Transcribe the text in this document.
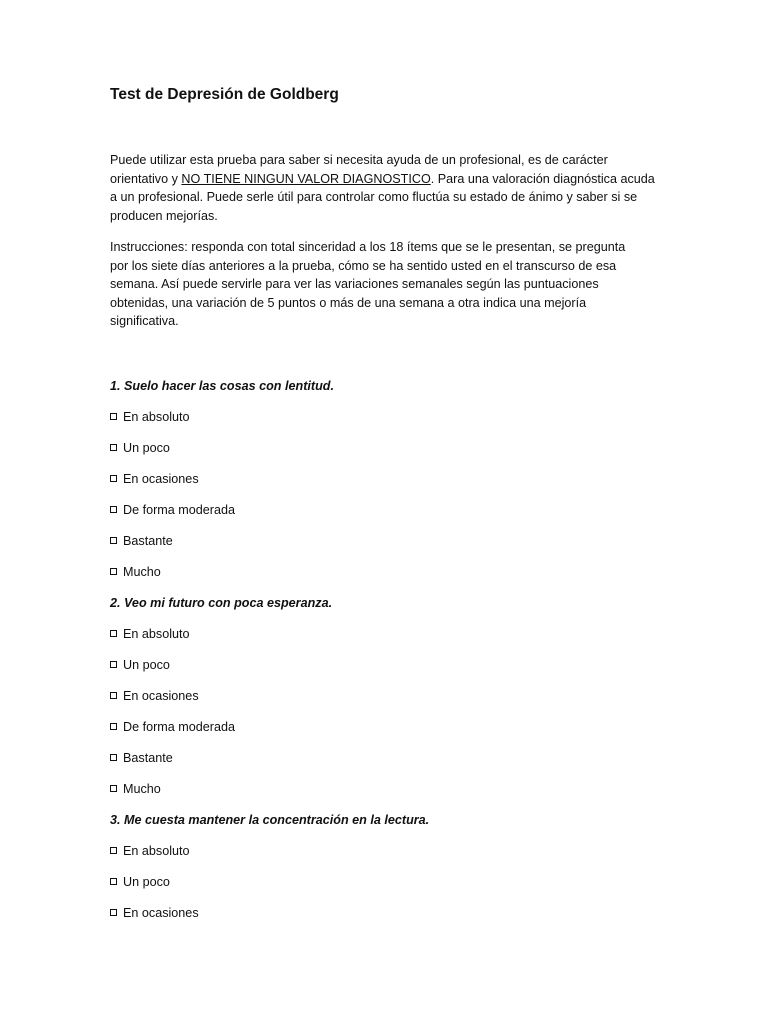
Test de Depresión de Goldberg
Puede utilizar esta prueba para saber si necesita ayuda de un profesional, es de carácter
orientativo y NO TIENE NINGUN VALOR DIAGNOSTICO. Para una valoración diagnóstica acuda
a un profesional. Puede serle útil para controlar como fluctúa su estado de ánimo y saber si se
producen mejorías.
Instrucciones: responda con total sinceridad a los 18 ítems que se le presentan, se pregunta
por los siete días anteriores a la prueba, cómo se ha sentido usted en el transcurso de esa
semana. Así puede servirle para ver las variaciones semanales según las puntuaciones
obtenidas, una variación de 5 puntos o más de una semana a otra indica una mejoría
significativa.
1. Suelo hacer las cosas con lentitud.
En absoluto
Un poco
En ocasiones
De forma moderada
Bastante
Mucho
2. Veo mi futuro con poca esperanza.
En absoluto
Un poco
En ocasiones
De forma moderada
Bastante
Mucho
3. Me cuesta mantener la concentración en la lectura.
En absoluto
Un poco
En ocasiones
